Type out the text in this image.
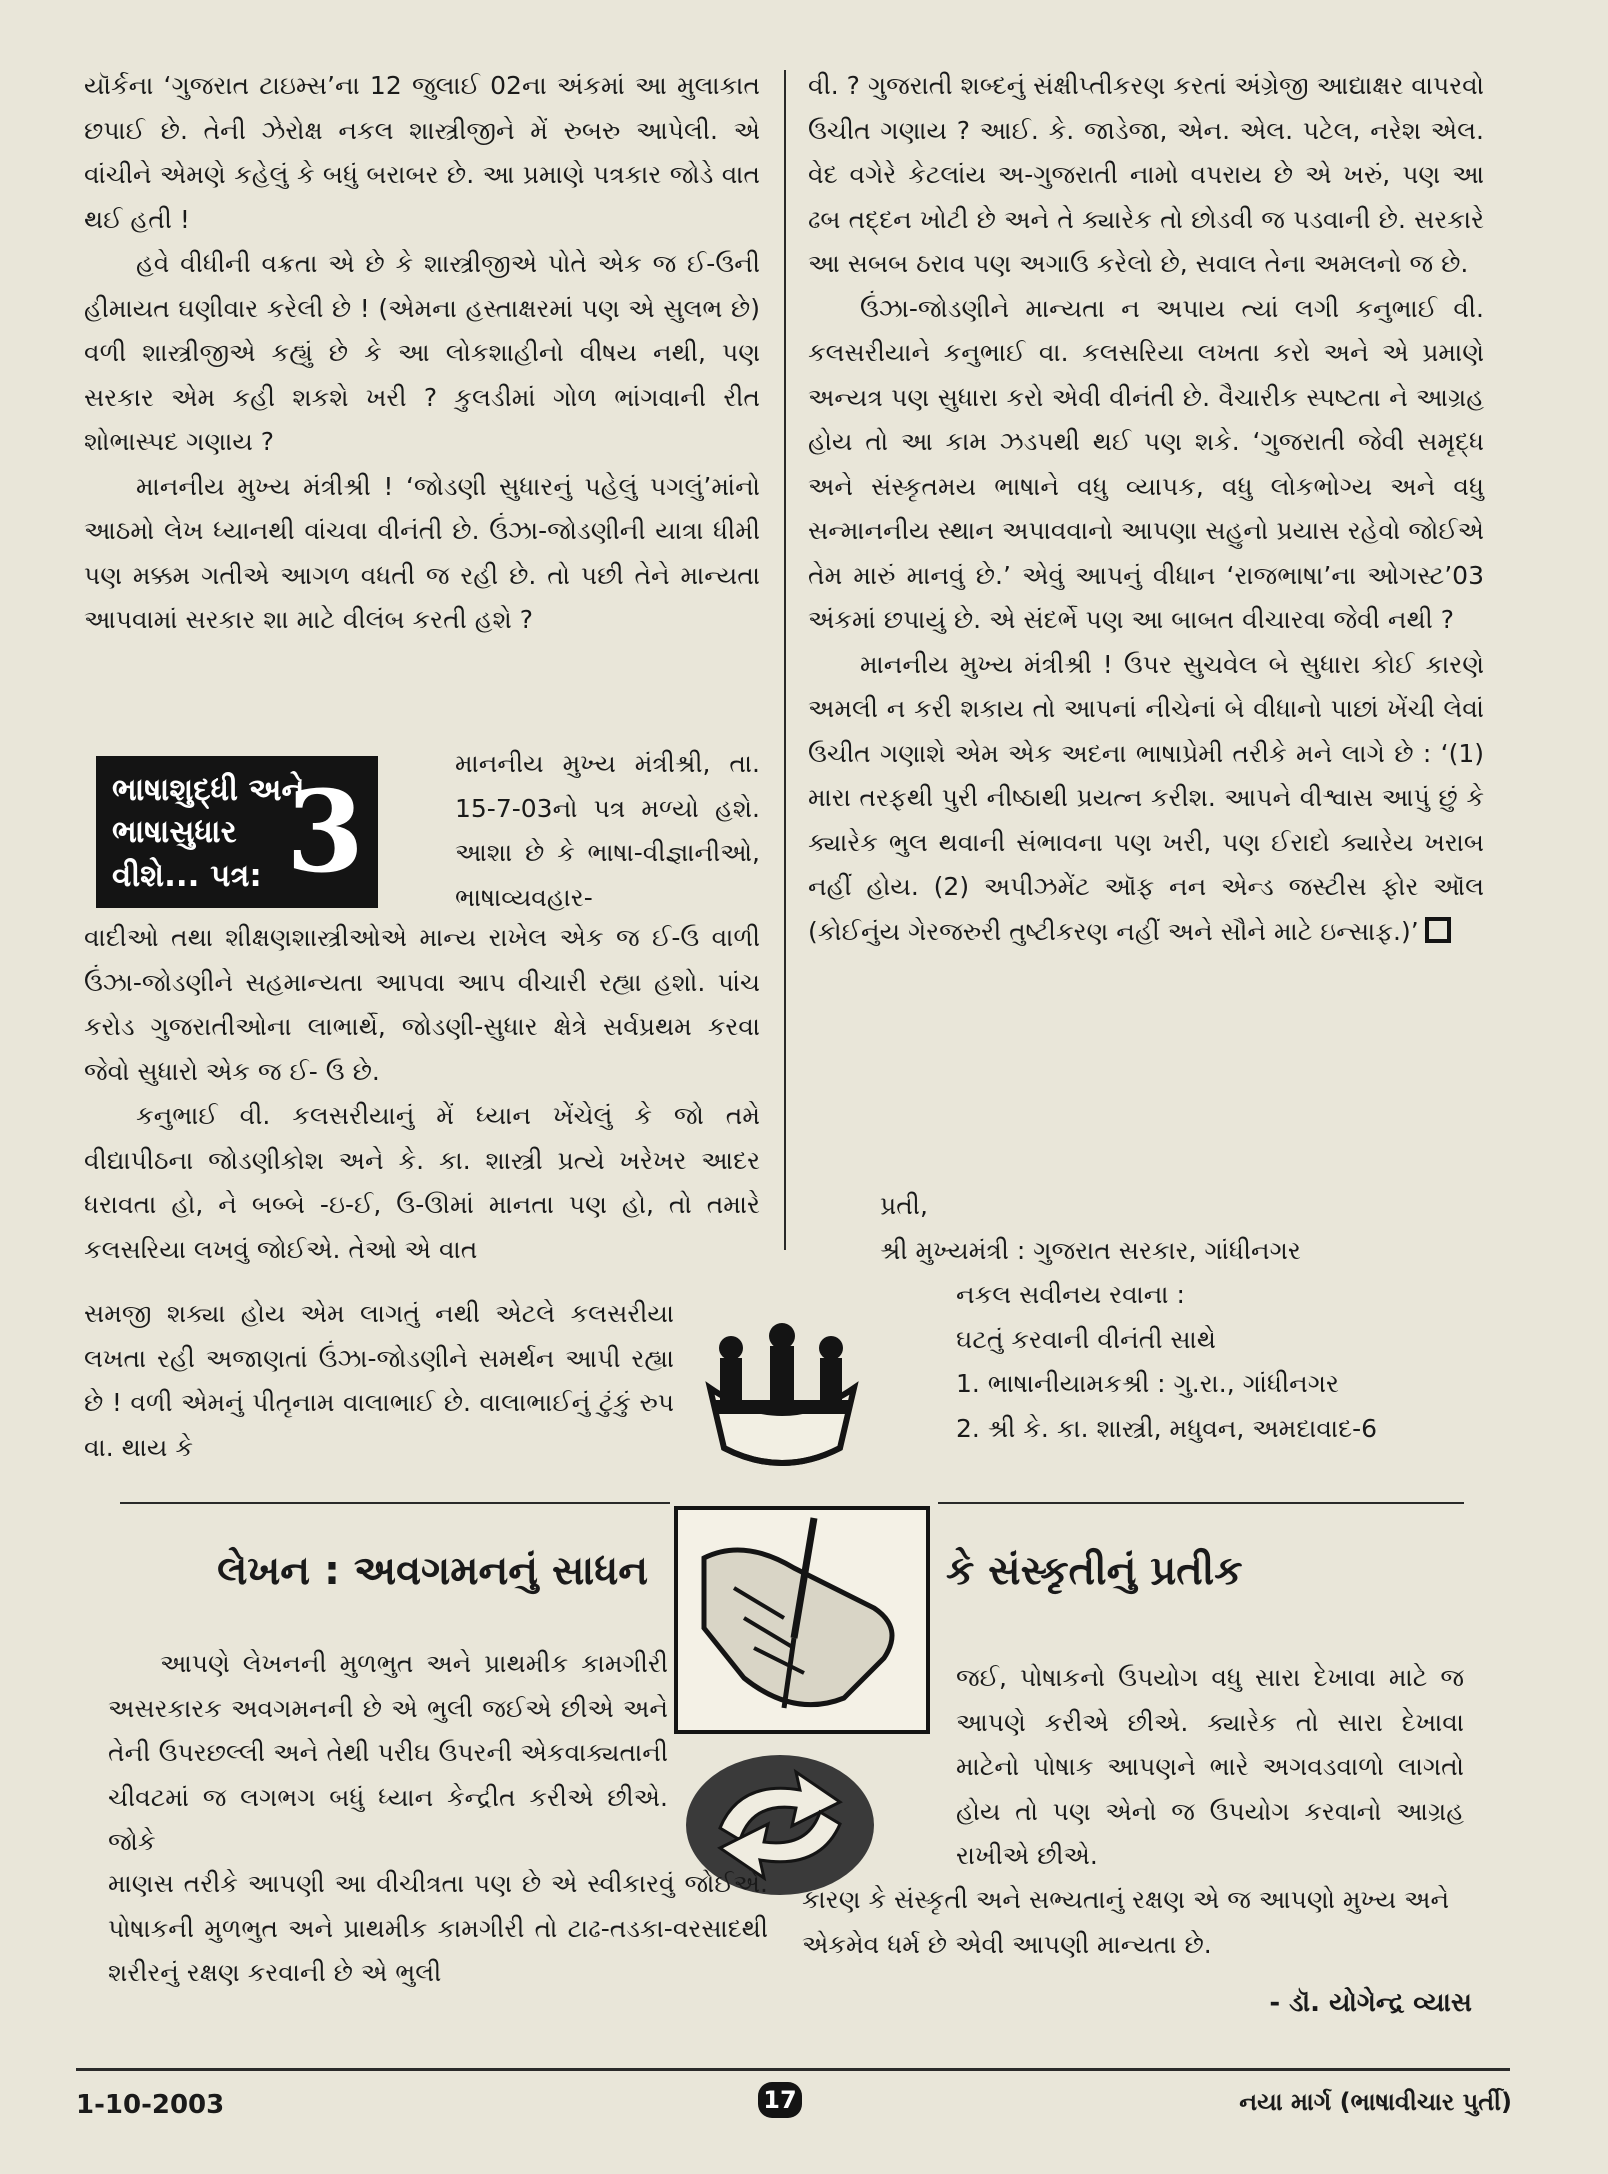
યૉર્કના ‘ગુજરાત ટાઇમ્સ’ના 12 જુલાઈ 02ના અંકમાં આ મુલાકાત છપાઈ છે. તેની ઝેરોક્ષ નકલ શાસ્ત્રીજીને મેં રુબરુ આપેલી. એ વાંચીને એમણે કહેલું કે બધું બરાબર છે. આ પ્રમાણે પત્રકાર જોડે વાત થઈ હતી !

હવે વીધીની વક્રતા એ છે કે શાસ્ત્રીજીએ પોતે એક જ ઈ-ઉની હીમાયત ઘણીવાર કરેલી છે ! (એમના હસ્તાક્ષરમાં પણ એ સુલભ છે) વળી શાસ્ત્રીજીએ કહ્યું છે કે આ લોકશાહીનો વીષય નથી, પણ સરકાર એમ કહી શકશે ખરી ? કુલડીમાં ગોળ ભાંગવાની રીત શોભાસ્પદ ગણાય ?

માનનીય મુખ્ય મંત્રીશ્રી ! ‘જોડણી સુધારનું પહેલું પગલું’માંનો આઠમો લેખ ધ્યાનથી વાંચવા વીનંતી છે. ઉંઝા-જોડણીની યાત્રા ધીમી પણ મક્કમ ગતીએ આગળ વધતી જ રહી છે. તો પછી તેને માન્યતા આપવામાં સરકાર શા માટે વીલંબ કરતી હશે ?

ભાષાશુદ્ધી અને
ભાષાસુધાર
વીશે... પત્ર: 3

માનનીય મુખ્ય મંત્રીશ્રી, તા. 15-7-03નો પત્ર મળ્યો હશે. આશા છે કે ભાષા-વીજ્ઞાનીઓ, ભાષાવ્યવહાર-

વાદીઓ તથા શીક્ષણશાસ્ત્રીઓએ માન્ય રાખેલ એક જ ઈ-ઉ વાળી ઉંઝા-જોડણીને સહમાન્યતા આપવા આપ વીચારી રહ્યા હશો. પાંચ કરોડ ગુજરાતીઓના લાભાર્થે, જોડણી-સુધાર ક્ષેત્રે સર્વપ્રથમ કરવા જેવો સુધારો એક જ ઈ- ઉ છે.

કનુભાઈ વી. કલસરીયાનું મેં ધ્યાન ખેંચેલું કે જો તમે વીદ્યાપીઠના જોડણીકોશ અને કે. કા. શાસ્ત્રી પ્રત્યે ખરેખર આદર ધરાવતા હો, ને બબ્બે -ઇ-ઈ, ઉ-ઊમાં માનતા પણ હો, તો તમારે કલસરિયા લખવું જોઈએ. તેઓ એ વાત

સમજી શક્યા હોય એમ લાગતું નથી એટલે કલસરીયા લખતા રહી અજાણતાં ઉંઝા-જોડણીને સમર્થન આપી રહ્યા છે ! વળી એમનું પીતૃનામ વાલાભાઈ છે. વાલાભાઈનું ટુંકું રુપ વા. થાય કે

વી. ? ગુજરાતી શબ્દનું સંક્ષીપ્તીકરણ કરતાં અંગ્રેજી આદ્યાક્ષર વાપરવો ઉચીત ગણાય ? આઈ. કે. જાડેજા, એન. એલ. પટેલ, નરેશ એલ. વેદ વગેરે કેટલાંય અ-ગુજરાતી નામો વપરાય છે એ ખરું, પણ આ ઢબ તદ્દન ખોટી છે અને તે ક્યારેક તો છોડવી જ પડવાની છે. સરકારે આ સબબ ઠરાવ પણ અગાઉ કરેલો છે, સવાલ તેના અમલનો જ છે.

ઉંઝા-જોડણીને માન્યતા ન અપાય ત્યાં લગી કનુભાઈ વી. કલસરીયાને કનુભાઈ વા. કલસરિયા લખતા કરો અને એ પ્રમાણે અન્યત્ર પણ સુધારા કરો એવી વીનંતી છે. વૈચારીક સ્પષ્ટતા ને આગ્રહ હોય તો આ કામ ઝડપથી થઈ પણ શકે. ‘ગુજરાતી જેવી સમૃદ્ધ અને સંસ્કૃતમય ભાષાને વધુ વ્યાપક, વધુ લોકભોગ્ય અને વધુ સન્માનનીય સ્થાન અપાવવાનો આપણા સહુનો પ્રયાસ રહેવો જોઈએ તેમ મારું માનવું છે.’ એવું આપનું વીધાન ‘રાજભાષા’ના ઓગસ્ટ’03 અંકમાં છપાયું છે. એ સંદર્ભે પણ આ બાબત વીચારવા જેવી નથી ?

માનનીય મુખ્ય મંત્રીશ્રી ! ઉપર સુચવેલ બે સુધારા કોઈ કારણે અમલી ન કરી શકાય તો આપનાં નીચેનાં બે વીધાનો પાછાં ખેંચી લેવાં ઉચીત ગણાશે એમ એક અદના ભાષાપ્રેમી તરીકે મને લાગે છે : ‘(1) મારા તરફથી પુરી નીષ્ઠાથી પ્રયત્ન કરીશ. આપને વીશ્વાસ આપું છું કે ક્યારેક ભુલ થવાની સંભાવના પણ ખરી, પણ ઈરાદો ક્યારેય ખરાબ નહીં હોય. (2) અપીઝમેંટ ઑફ નન એન્ડ જસ્ટીસ ફોર ઑલ (કોઈનુંય ગેરજરુરી તુષ્ટીકરણ નહીં અને સૌને માટે ઇન્સાફ.)’

પ્રતી,
શ્રી મુખ્યમંત્રી : ગુજરાત સરકાર, ગાંધીનગર
નકલ સવીનય રવાના :
ઘટતું કરવાની વીનંતી સાથે
1. ભાષાનીયામકશ્રી : ગુ.રા., ગાંધીનગર
2. શ્રી કે. કા. શાસ્ત્રી, મધુવન, અમદાવાદ-6
લેખન : અવગમનનું સાધન	કે સંસ્કૃતીનું પ્રતીક

આપણે લેખનની મુળભુત અને પ્રાથમીક કામગીરી અસરકારક અવગમનની છે એ ભુલી જઈએ છીએ અને તેની ઉપરછલ્લી અને તેથી પરીઘ ઉપરની એકવાક્યતાની ચીવટમાં જ લગભગ બધું ધ્યાન કેન્દ્રીત કરીએ છીએ. જોકે

માણસ તરીકે આપણી આ વીચીત્રતા પણ છે એ સ્વીકારવું જોઈએ. પોષાકની મુળભુત અને પ્રાથમીક કામગીરી તો ટાઢ-તડકા-વરસાદથી શરીરનું રક્ષણ કરવાની છે એ ભુલી

જઈ, પોષાકનો ઉપયોગ વધુ સારા દેખાવા માટે જ આપણે કરીએ છીએ. ક્યારેક તો સારા દેખાવા માટેનો પોષાક આપણને ભારે અગવડવાળો લાગતો હોય તો પણ એનો જ ઉપયોગ કરવાનો આગ્રહ રાખીએ છીએ.

કારણ કે સંસ્કૃતી અને સભ્યતાનું રક્ષણ એ જ આપણો મુખ્ય અને એકમેવ ધર્મ છે એવી આપણી માન્યતા છે.

- ડૉ. યોગેન્દ્ર વ્યાસ
1-10-2003	17	નયા માર્ગ (ભાષાવીચાર પુર્તી)
